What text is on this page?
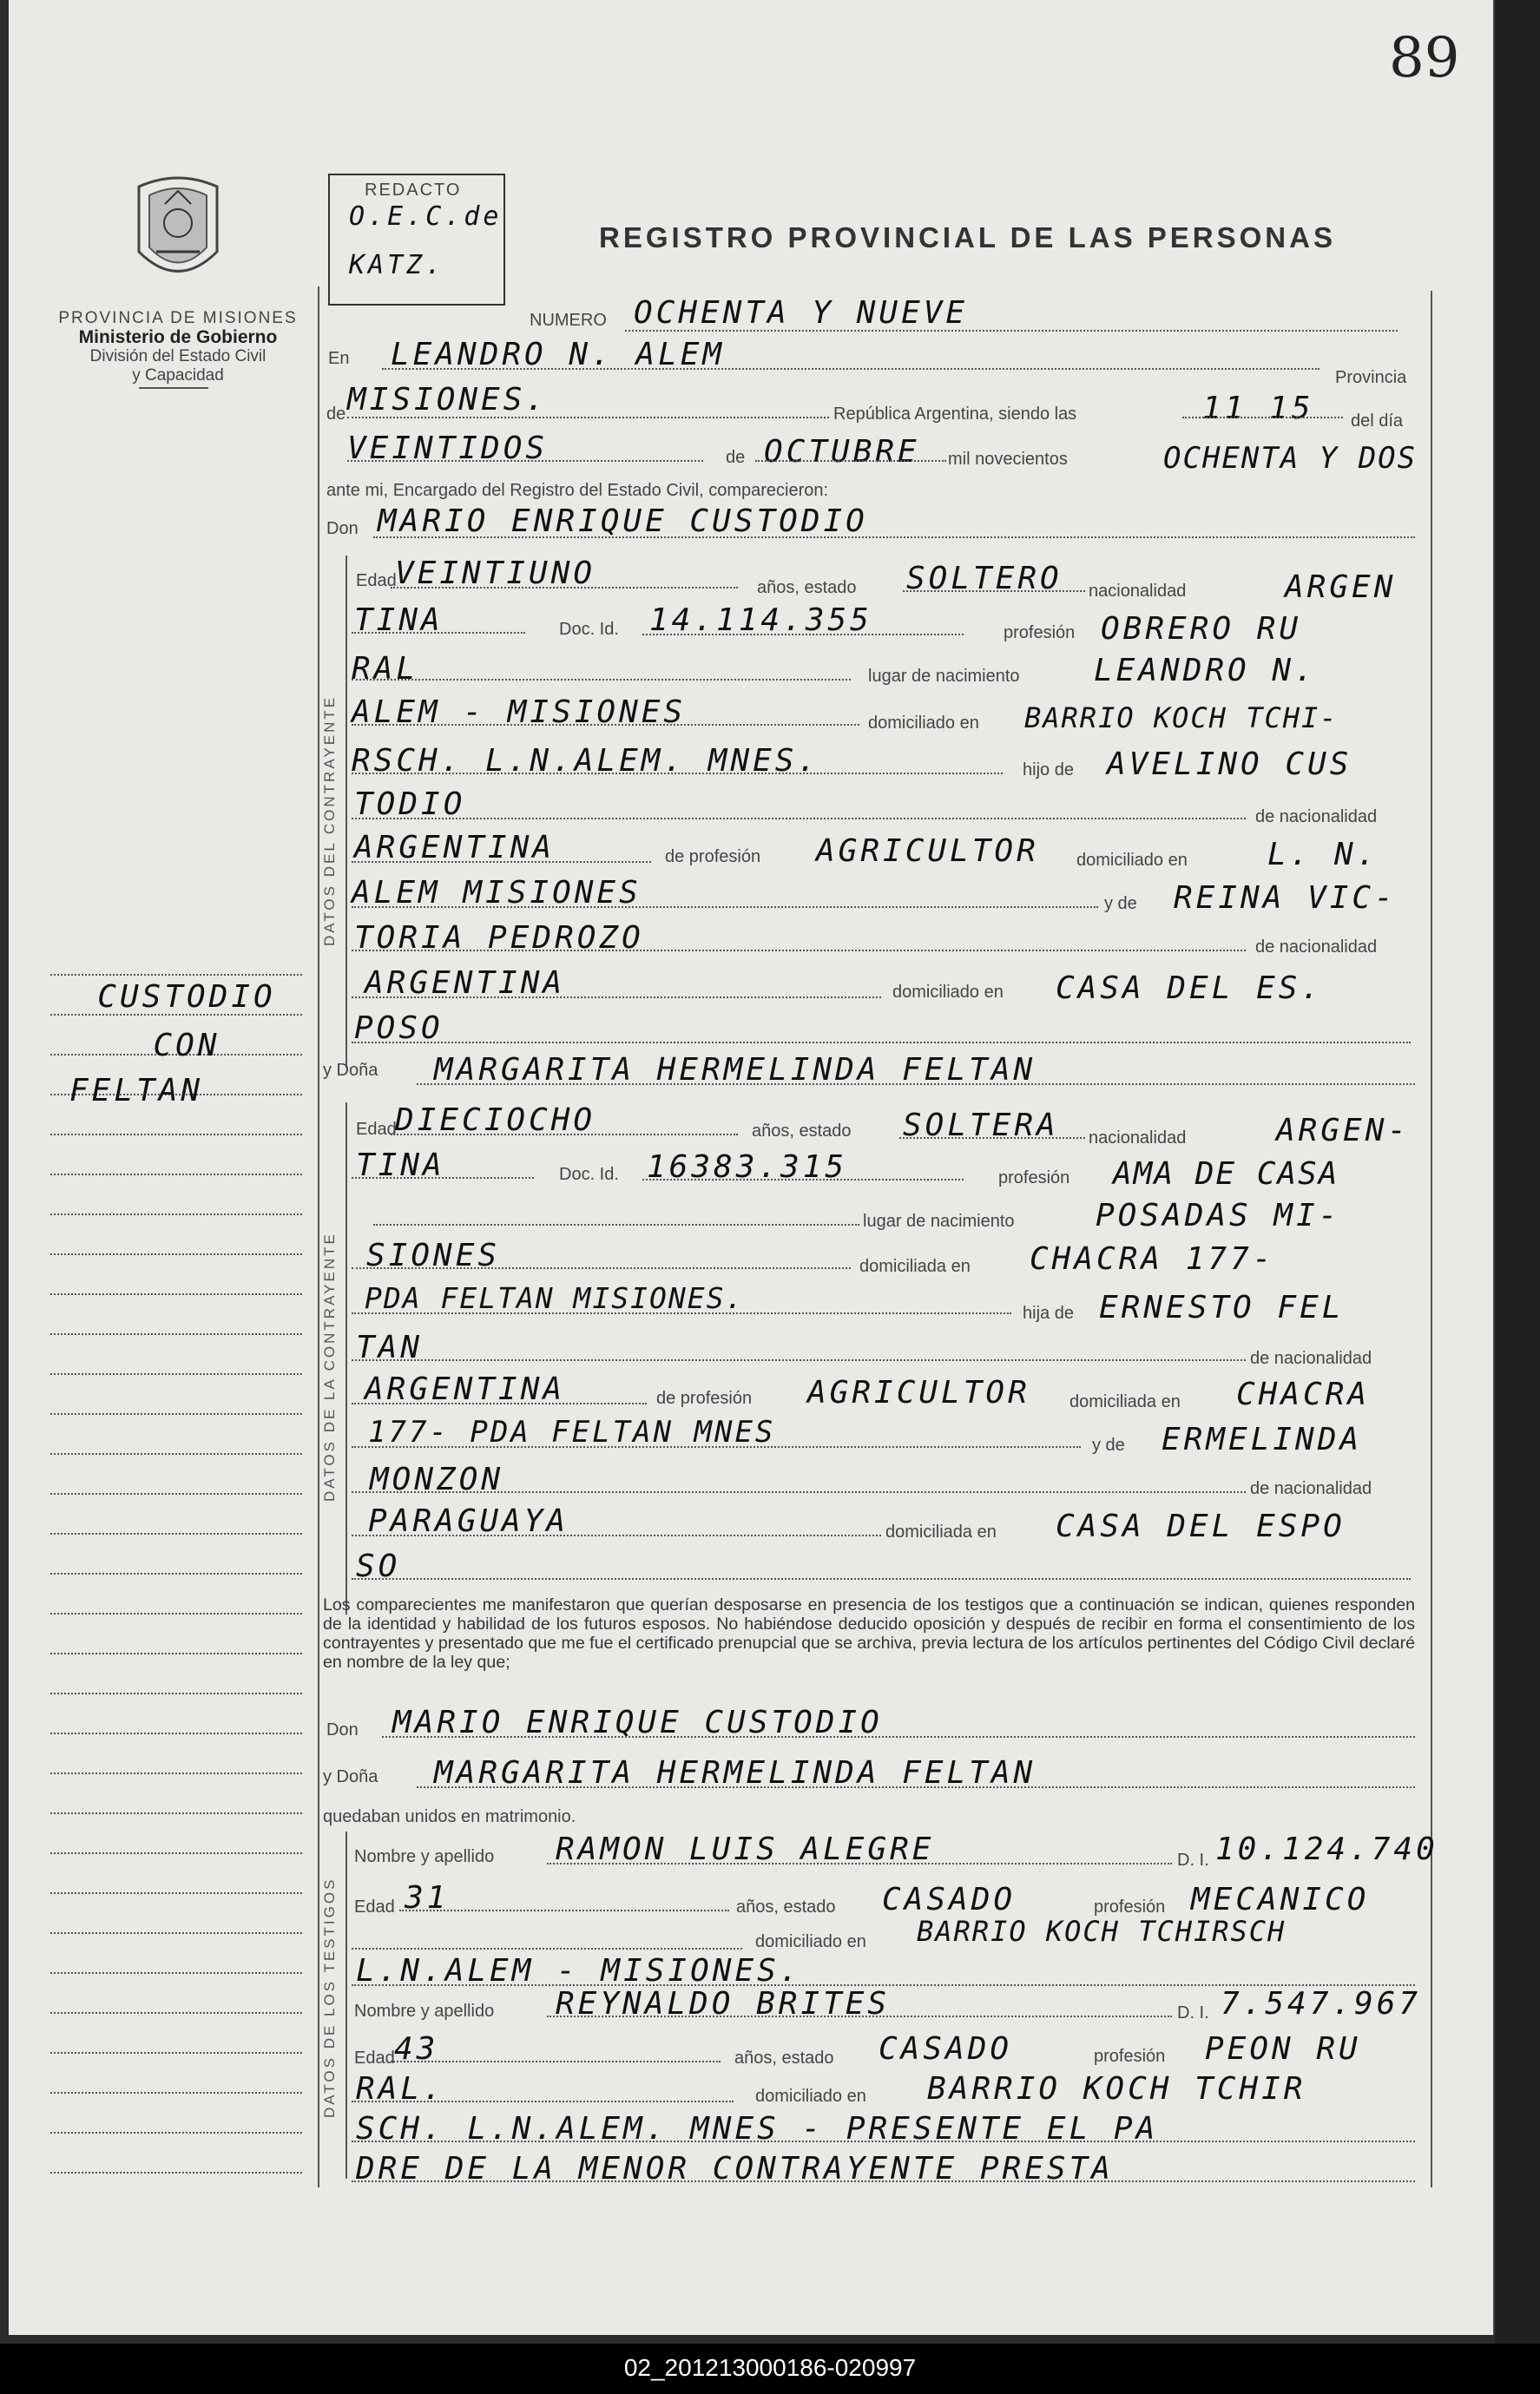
89
PROVINCIA DE MISIONES
Ministerio de Gobierno
División del Estado Civil
y Capacidad
REDACTO
O.E.C.de
KATZ.
REGISTRO PROVINCIAL DE LAS PERSONAS
CUSTODIO
CON
FELTAN
NUMERO OCHENTA Y NUEVE
En LEANDRO N. ALEM
Provincia
de MISIONES.	República Argentina, siendo las	11 15 del día
VEINTIDOS	de OCTUBRE mil novecientos	OCHENTA Y DOS
ante mi, Encargado del Registro del Estado Civil, comparecieron:
Don MARIO ENRIQUE CUSTODIO
DATOS DEL CONTRAYENTE
Edad
VEINTIUNO	años, estado SOLTERO nacionalidad	ARGEN
TINA	Doc. Id. 14.114.355	profesión OBRERO RU
RAL	lugar de nacimiento LEANDRO N.
ALEM - MISIONES	domiciliado en BARRIO KOCH TCHI-
RSCH. L.N.ALEM. MNES.	hijo de AVELINO CUS
TODIO	de nacionalidad
ARGENTINA	de profesión AGRICULTOR domiciliado en	L. N.
ALEM MISIONES	y de REINA VIC-
TORIA PEDROZO	de nacionalidad
ARGENTINA	domiciliado en CASA DEL ES.
POSO
y Doña MARGARITA HERMELINDA FELTAN
DATOS DE LA CONTRAYENTE
Edad
DIECIOCHO	años, estado SOLTERA nacionalidad	ARGEN-
TINA	Doc. Id. 16383.315	profesión AMA DE CASA
lugar de nacimiento	POSADAS MI-
SIONES	domiciliada en CHACRA 177-
PDA FELTAN MISIONES.	hija de ERNESTO FEL
TAN	de nacionalidad
ARGENTINA	de profesión AGRICULTOR domiciliada en CHACRA
177- PDA FELTAN MNES	y de ERMELINDA
MONZON	de nacionalidad
PARAGUAYA	domiciliada en CASA DEL ESPO
SO
Los comparecientes me manifestaron que querían desposarse en presencia de los testigos que a continuación se indican, quienes responden de la identidad y habilidad de los futuros esposos. No habiéndose deducido oposición y después de recibir en forma el consentimiento de los contrayentes y presentado que me fue el certificado prenupcial que se archiva, previa lectura de los artículos pertinentes del Código Civil declaré en nombre de la ley que;
Don MARIO ENRIQUE CUSTODIO
y Doña MARGARITA HERMELINDA FELTAN
quedaban unidos en matrimonio.
DATOS DE LOS TESTIGOS
Nombre y apellido RAMON LUIS ALEGRE	D. I. 10.124.740
Edad 31	años, estado CASADO	profesión MECANICO
domiciliado en BARRIO KOCH TCHIRSCH
L.N.ALEM - MISIONES.
Nombre y apellido REYNALDO BRITES	D. I. 7.547.967
Edad 43	años, estado CASADO	profesión PEON RU
RAL.	domiciliado en BARRIO KOCH TCHIR
SCH. L.N.ALEM. MNES - PRESENTE EL PA
DRE DE LA MENOR CONTRAYENTE PRESTA
02_201213000186-020997
